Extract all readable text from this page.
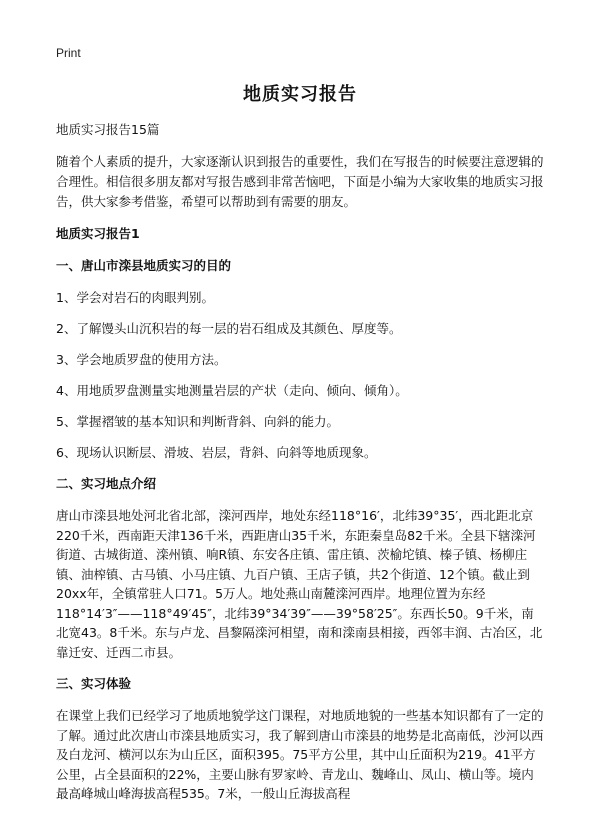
Print
地质实习报告

地质实习报告15篇

随着个人素质的提升，大家逐渐认识到报告的重要性，我们在写报告的时候要注意逻辑的合理性。相信很多朋友都对写报告感到非常苦恼吧，下面是小编为大家收集的地质实习报告，供大家参考借鉴，希望可以帮助到有需要的朋友。

地质实习报告1

一、唐山市滦县地质实习的目的

1、学会对岩石的肉眼判别。

2、了解馒头山沉积岩的每一层的岩石组成及其颜色、厚度等。

3、学会地质罗盘的使用方法。

4、用地质罗盘测量实地测量岩层的产状（走向、倾向、倾角）。

5、掌握褶皱的基本知识和判断背斜、向斜的能力。

6、现场认识断层、滑坡、岩层，背斜、向斜等地质现象。

二、实习地点介绍

唐山市滦县地处河北省北部，滦河西岸，地处东经118°16′，北纬39°35′，西北距北京220千米，西南距天津136千米，西距唐山35千米，东距秦皇岛82千米。全县下辖滦河街道、古城街道、滦州镇、响R镇、东安各庄镇、雷庄镇、茨榆坨镇、榛子镇、杨柳庄镇、油榨镇、古马镇、小马庄镇、九百户镇、王店子镇，共2个街道、12个镇。截止到20xx年，全镇常驻人口71。5万人。地处燕山南麓滦河西岸。地理位置为东经118°14′3″——118°49′45″，北纬39°34′39″——39°58′25″。东西长50。9千米，南北宽43。8千米。东与卢龙、昌黎隔滦河相望，南和滦南县相接，西邻丰润、古冶区，北靠迁安、迁西二市县。

三、实习体验

在课堂上我们已经学习了地质地貌学这门课程，对地质地貌的一些基本知识都有了一定的了解。通过此次唐山市滦县地质实习，我了解到唐山市滦县的地势是北高南低，沙河以西及白龙河、横河以东为山丘区，面积395。75平方公里，其中山丘面积为219。41平方公里，占全县面积的22%，主要山脉有罗家岭、青龙山、魏峰山、凤山、横山等。境内最高峰城山峰海拔高程535。7米，一般山丘海拔高程
